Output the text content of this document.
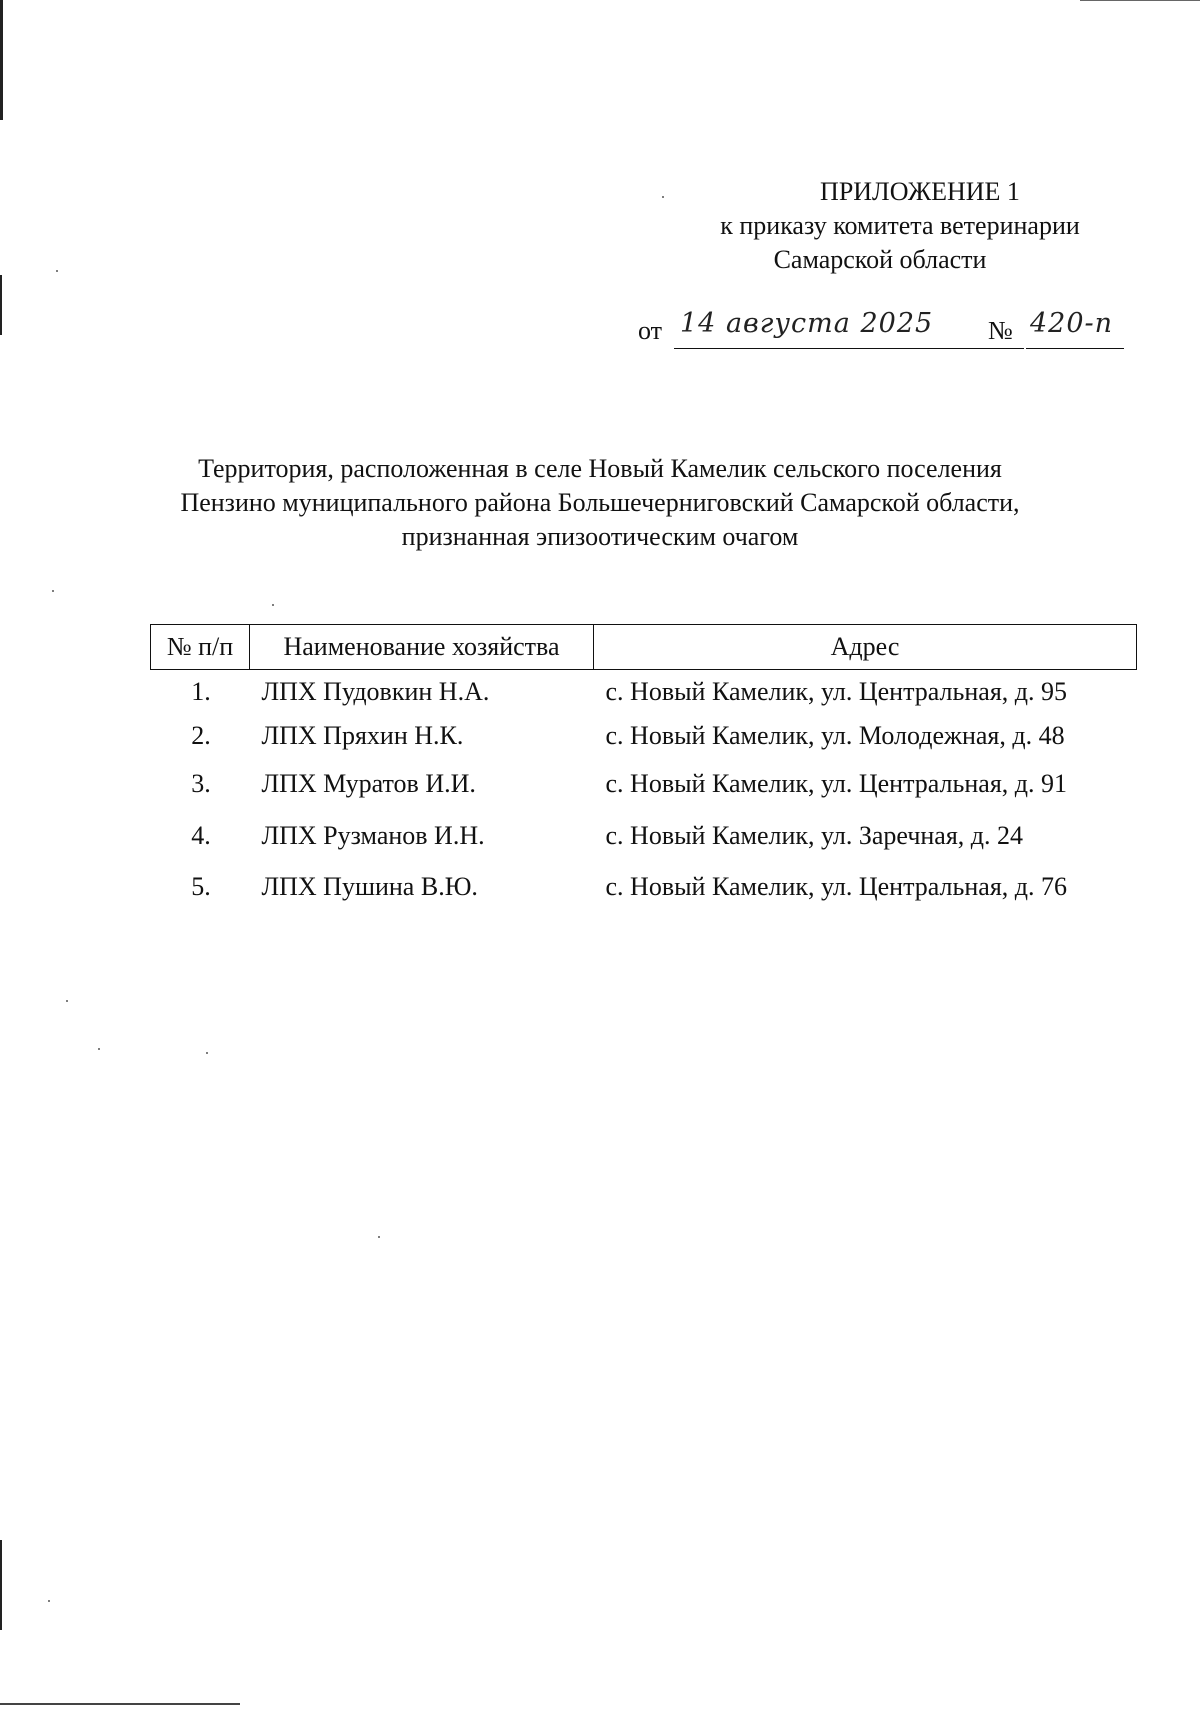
ПРИЛОЖЕНИЕ 1
к приказу комитета ветеринарии
Самарской области
от 14 августа 2025 № 420-п
Территория, расположенная в селе Новый Камелик сельского поселения
Пензино муниципального района Большечерниговский Самарской области,
признанная эпизоотическим очагом
№ п/п	Наименование хозяйства	Адрес
1.	ЛПХ Пудовкин Н.А.	с. Новый Камелик, ул. Центральная, д. 95
2.	ЛПХ Пряхин Н.К.	с. Новый Камелик, ул. Молодежная, д. 48
3.	ЛПХ Муратов И.И.	с. Новый Камелик, ул. Центральная, д. 91
4.	ЛПХ Рузманов И.Н.	с. Новый Камелик, ул. Заречная, д. 24
5.	ЛПХ Пушина В.Ю.	с. Новый Камелик, ул. Центральная, д. 76
